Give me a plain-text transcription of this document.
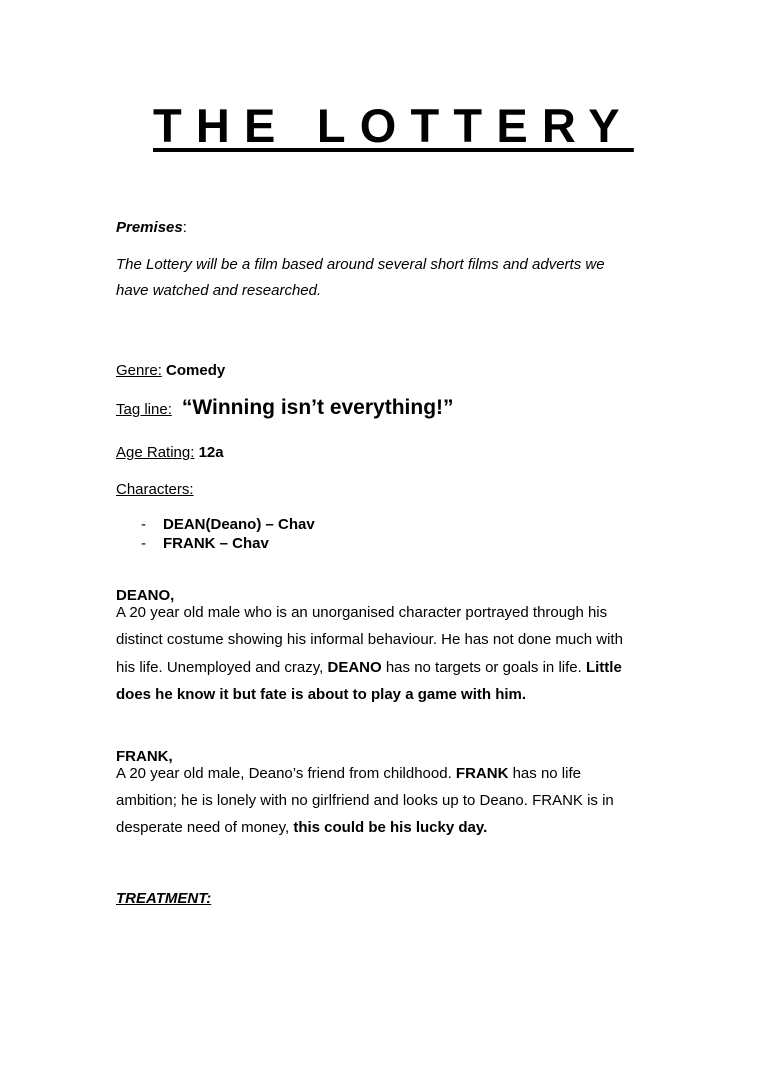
THE LOTTERY
Premises:
The Lottery will be a film based around several short films and adverts we
have watched and researched.
Genre: Comedy
Tag line: “Winning isn’t everything!”
Age Rating: 12a
Characters:
- DEAN(Deano) – Chav
- FRANK – Chav
DEANO,
A 20 year old male who is an unorganised character portrayed through his
distinct costume showing his informal behaviour. He has not done much with
his life. Unemployed and crazy, DEANO has no targets or goals in life. Little
does he know it but fate is about to play a game with him.
FRANK,
A 20 year old male, Deano’s friend from childhood. FRANK has no life
ambition; he is lonely with no girlfriend and looks up to Deano. FRANK is in
desperate need of money, this could be his lucky day.
TREATMENT:
